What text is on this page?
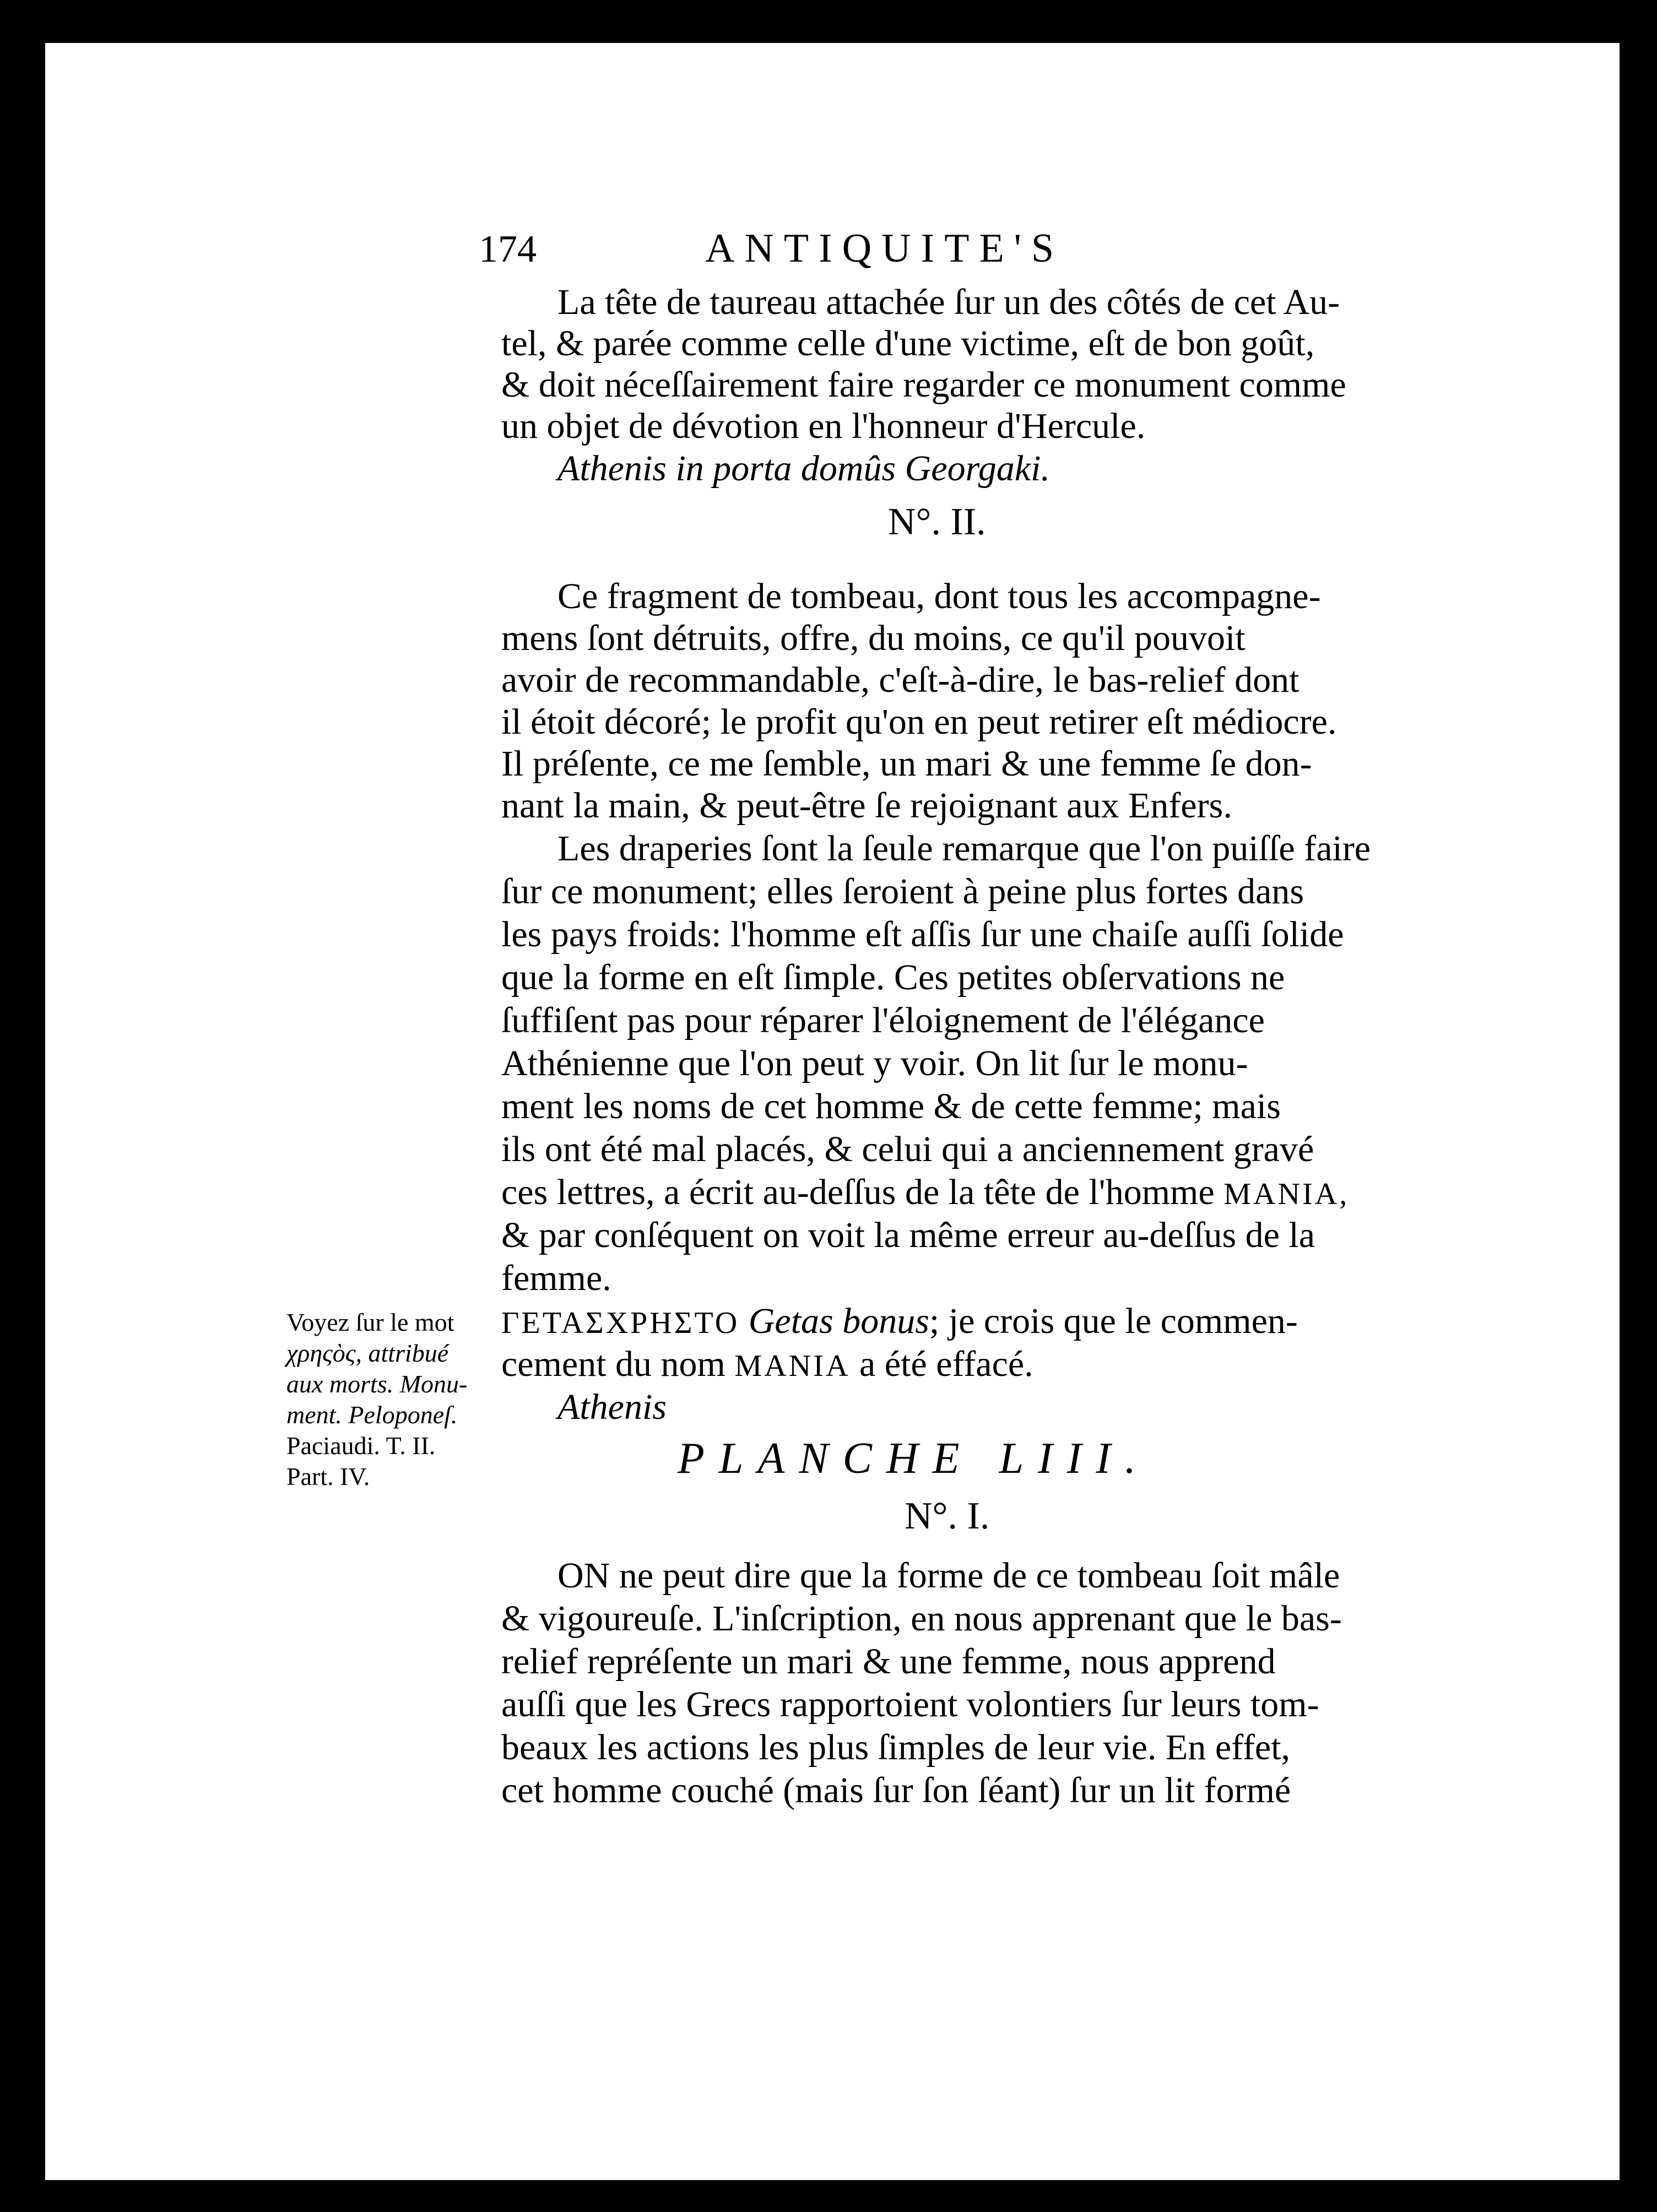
174	ANTIQUITE'S
La tête de taureau attachée ſur un des côtés de cet Au-
tel, & parée comme celle d'une victime, eſt de bon goût,
& doit néceſſairement faire regarder ce monument comme
un objet de dévotion en l'honneur d'Hercule.
Athenis in porta domûs Georgaki.
N°. II.
Ce fragment de tombeau, dont tous les accompagne-
mens ſont détruits, offre, du moins, ce qu'il pouvoit
avoir de recommandable, c'eſt-à-dire, le bas-relief dont
il étoit décoré; le profit qu'on en peut retirer eſt médiocre.
Il préſente, ce me ſemble, un mari & une femme ſe don-
nant la main, & peut-être ſe rejoignant aux Enfers.
Les draperies ſont la ſeule remarque que l'on puiſſe faire
ſur ce monument; elles ſeroient à peine plus fortes dans
les pays froids: l'homme eſt aſſis ſur une chaiſe auſſi ſolide
que la forme en eſt ſimple. Ces petites obſervations ne
ſuffiſent pas pour réparer l'éloignement de l'élégance
Athénienne que l'on peut y voir. On lit ſur le monu-
ment les noms de cet homme & de cette femme; mais
ils ont été mal placés, & celui qui a anciennement gravé
ces lettres, a écrit au-deſſus de la tête de l'homme MANIA,
& par conſéquent on voit la même erreur au-deſſus de la
femme.
ΓΕΤΑΣΧΡΗΣΤΟ Getas bonus; je crois que le commen-
cement du nom MANIA a été effacé.
Athenis
PLANCHE LIII.
N°. I.
ON ne peut dire que la forme de ce tombeau ſoit mâle
& vigoureuſe. L'inſcription, en nous apprenant que le bas-
relief repréſente un mari & une femme, nous apprend
auſſi que les Grecs rapportoient volontiers ſur leurs tom-
beaux les actions les plus ſimples de leur vie. En effet,
cet homme couché (mais ſur ſon ſéant) ſur un lit formé
Voyez ſur le mot
χρηςὸς, attribué
aux morts. Monu-
ment. Peloponeſ.
Paciaudi. T. II.
Part. IV.
